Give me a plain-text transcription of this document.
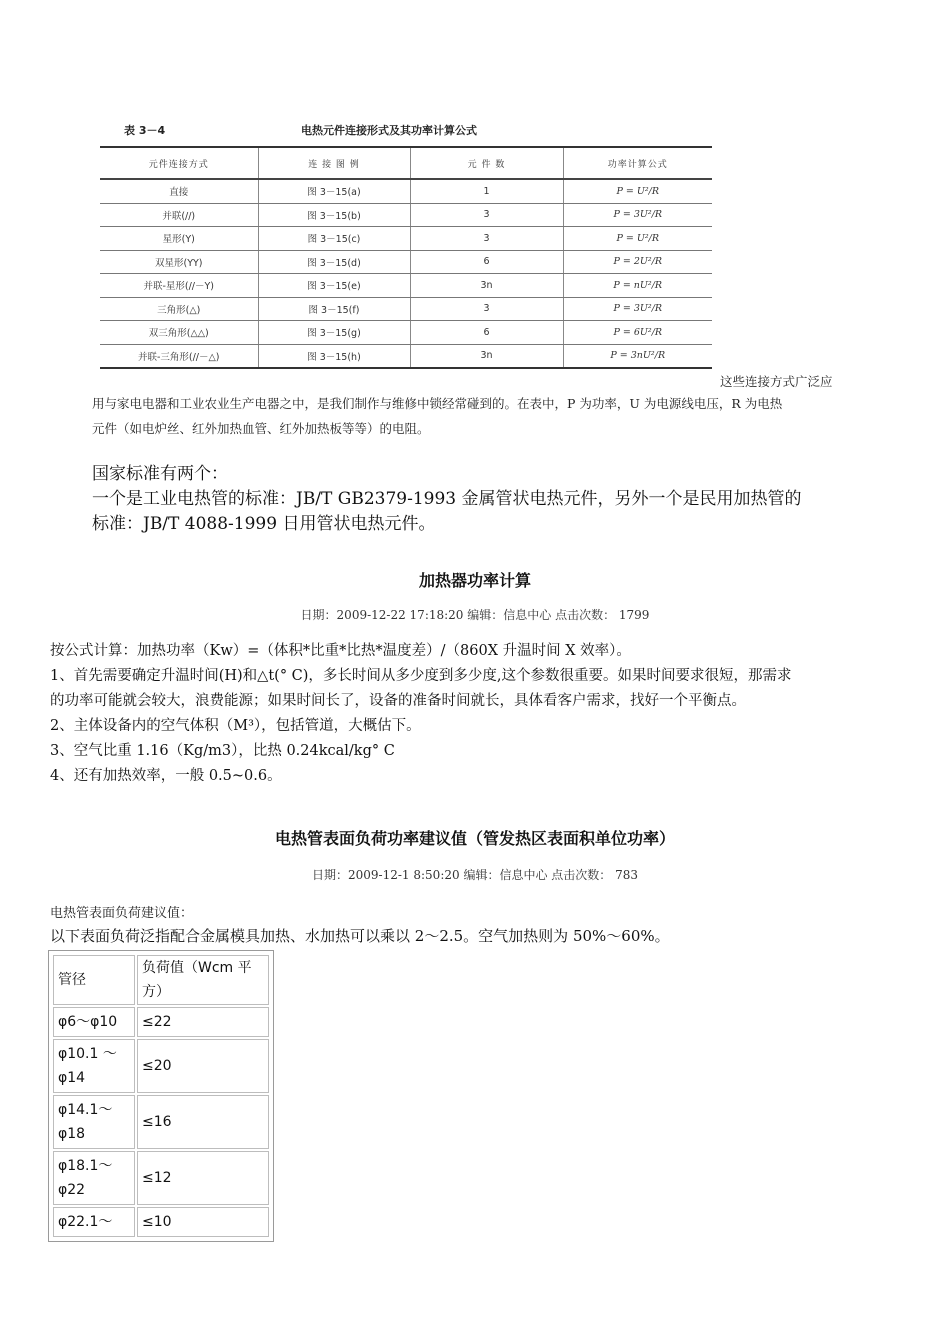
表 3－4	电热元件连接形式及其功率计算公式
元件连接方式	连 接 图 例	元 件 数	功率计算公式
直接	图 3－15(a)	1	P = U²/R
并联(//)	图 3－15(b)	3	P = 3U²/R
星形(Y)	图 3－15(c)	3	P = U²/R
双星形(YY)	图 3－15(d)	6	P = 2U²/R
并联-星形(//－Y)	图 3－15(e)	3n	P = nU²/R
三角形(△)	图 3－15(f)	3	P = 3U²/R
双三角形(△△)	图 3－15(g)	6	P = 6U²/R
并联-三角形(//－△)	图 3－15(h)	3n	P = 3nU²/R
这些连接方式广泛应
用与家电电器和工业农业生产电器之中，是我们制作与维修中锁经常碰到的。在表中，P 为功率，U 为电源线电压，R 为电热
元件（如电炉丝、红外加热血管、红外加热板等等）的电阻。
国家标准有两个：
一个是工业电热管的标准：JB/T GB2379-1993 金属管状电热元件，另外一个是民用加热管的
标准：JB/T 4088-1999 日用管状电热元件。
加热器功率计算
日期：2009-12-22 17:18:20 编辑：信息中心 点击次数： 1799
按公式计算：加热功率（Kw）=（体积*比重*比热*温度差）/（860X 升温时间 X 效率）。
1、首先需要确定升温时间(H)和△t(° C)，多长时间从多少度到多少度,这个参数很重要。如果时间要求很短，那需求
的功率可能就会较大，浪费能源；如果时间长了，设备的准备时间就长，具体看客户需求，找好一个平衡点。
2、主体设备内的空气体积（M³），包括管道，大概估下。
3、空气比重 1.16（Kg/m3），比热 0.24kcal/kg° C
4、还有加热效率，一般 0.5~0.6。
电热管表面负荷功率建议值（管发热区表面积单位功率）
日期：2009-12-1 8:50:20 编辑：信息中心 点击次数： 783
电热管表面负荷建议值：
以下表面负荷泛指配合金属模具加热、水加热可以乘以 2～2.5。空气加热则为 50%～60%。
管径	负荷值（Wcm 平方）
φ6～φ10	≤22
φ10.1 ～φ14	≤20
φ14.1～φ18	≤16
φ18.1～φ22	≤12
φ22.1～	≤10
